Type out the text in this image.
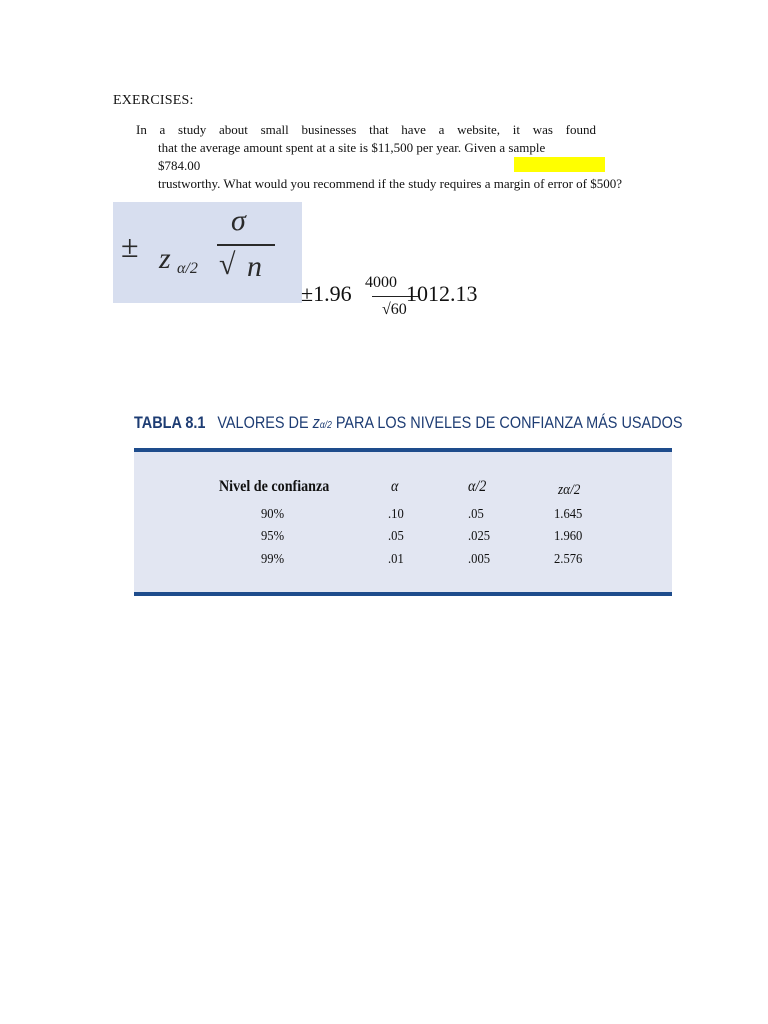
EXERCISES:
In a study about small businesses that have a website, it was found
that the average amount spent at a site is $11,500 per year. Given a sample
$784.00
trustworthy. What would you recommend if the study requires a margin of error of $500?
± z α/2
σ
√ n
±1.96 4000
√60
1012.13
TABLA 8.1 VALORES DE zα/2 PARA LOS NIVELES DE CONFIANZA MÁS USADOS
Nivel de confianza	α	α/2	zα/2
90%	.10	.05	1.645
95%	.05	.025	1.960
99%	.01	.005	2.576
